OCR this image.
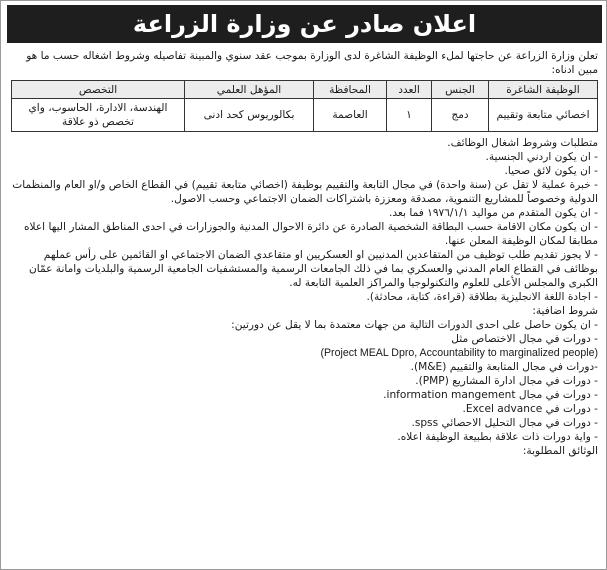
اعلان صادر عن وزارة الزراعة

تعلن وزارة الزراعة عن حاجتها لملء الوظيفة الشاغرة لدى الوزارة بموجب عقد سنوي والمبينة تفاصيله وشروط اشغاله حسب ما هو مبين ادناه:

الوظيفة الشاغرة	الجنس	العدد	المحافظة	المؤهل العلمي	التخصص
اخصائي متابعة وتقييم	دمج	١	العاصمة	بكالوريوس كحد ادنى	الهندسة، الادارة، الحاسوب، واي تخصص ذو علاقة

متطلبات وشروط اشغال الوظائف.

- ان يكون اردني الجنسية.

- ان يكون لائق صحيا.

- خبرة عملية لا تقل عن (سنة واحدة) في مجال التابعة والتقييم بوظيفة (اخصائي متابعة تقييم) في القطاع الخاص و/او العام والمنظمات الدولية وخصوصاً للمشاريع التنموية، مصدقة ومعززة باشتراكات الضمان الاجتماعي وحسب الاصول.

- ان يكون المتقدم من مواليد ١٩٧٦/١/١ فما بعد.

- ان يكون مكان الاقامة حسب البطاقة الشخصية الصادرة عن دائرة الاحوال المدنية والجوزارات في احدى المناطق المشار اليها اعلاه مطابقا لمكان الوظيفة المعلن عنها.

- لا يجوز تقديم طلب توظيف من المتقاعدين المدنيين او العسكريين او متقاعدي الضمان الاجتماعي او القائمين على رأس عملهم بوظائف في القطاع العام المدني والعسكري بما في ذلك الجامعات الرسمية والمستشفيات الجامعية الرسمية والبلديات وامانة عمّان الكبرى والمجلس الأعلى للعلوم والتكنولوجيا والمراكز العلمية التابعة له.

- اجادة اللغة الانجليزية بطلاقة (قراءة، كتابة، محادثة).

شروط اضافية:

- ان يكون حاصل على احدى الدورات التالية من جهات معتمدة بما لا يقل عن دورتين:

- دورات في مجال الاختصاص مثل

(Project MEAL Dpro, Accountability to marginalized people)

-دورات في مجال المتابعة والتقييم (M&E).

- دورات في مجال ادارة المشاريع (PMP).

- دورات في مجال information mangement.

- دورات في Excel advance.

- دورات في مجال التحليل الاحصائي spss.

- واية دورات ذات علاقة بطبيعة الوظيفة اعلاه.

الوثائق المطلوبة:
